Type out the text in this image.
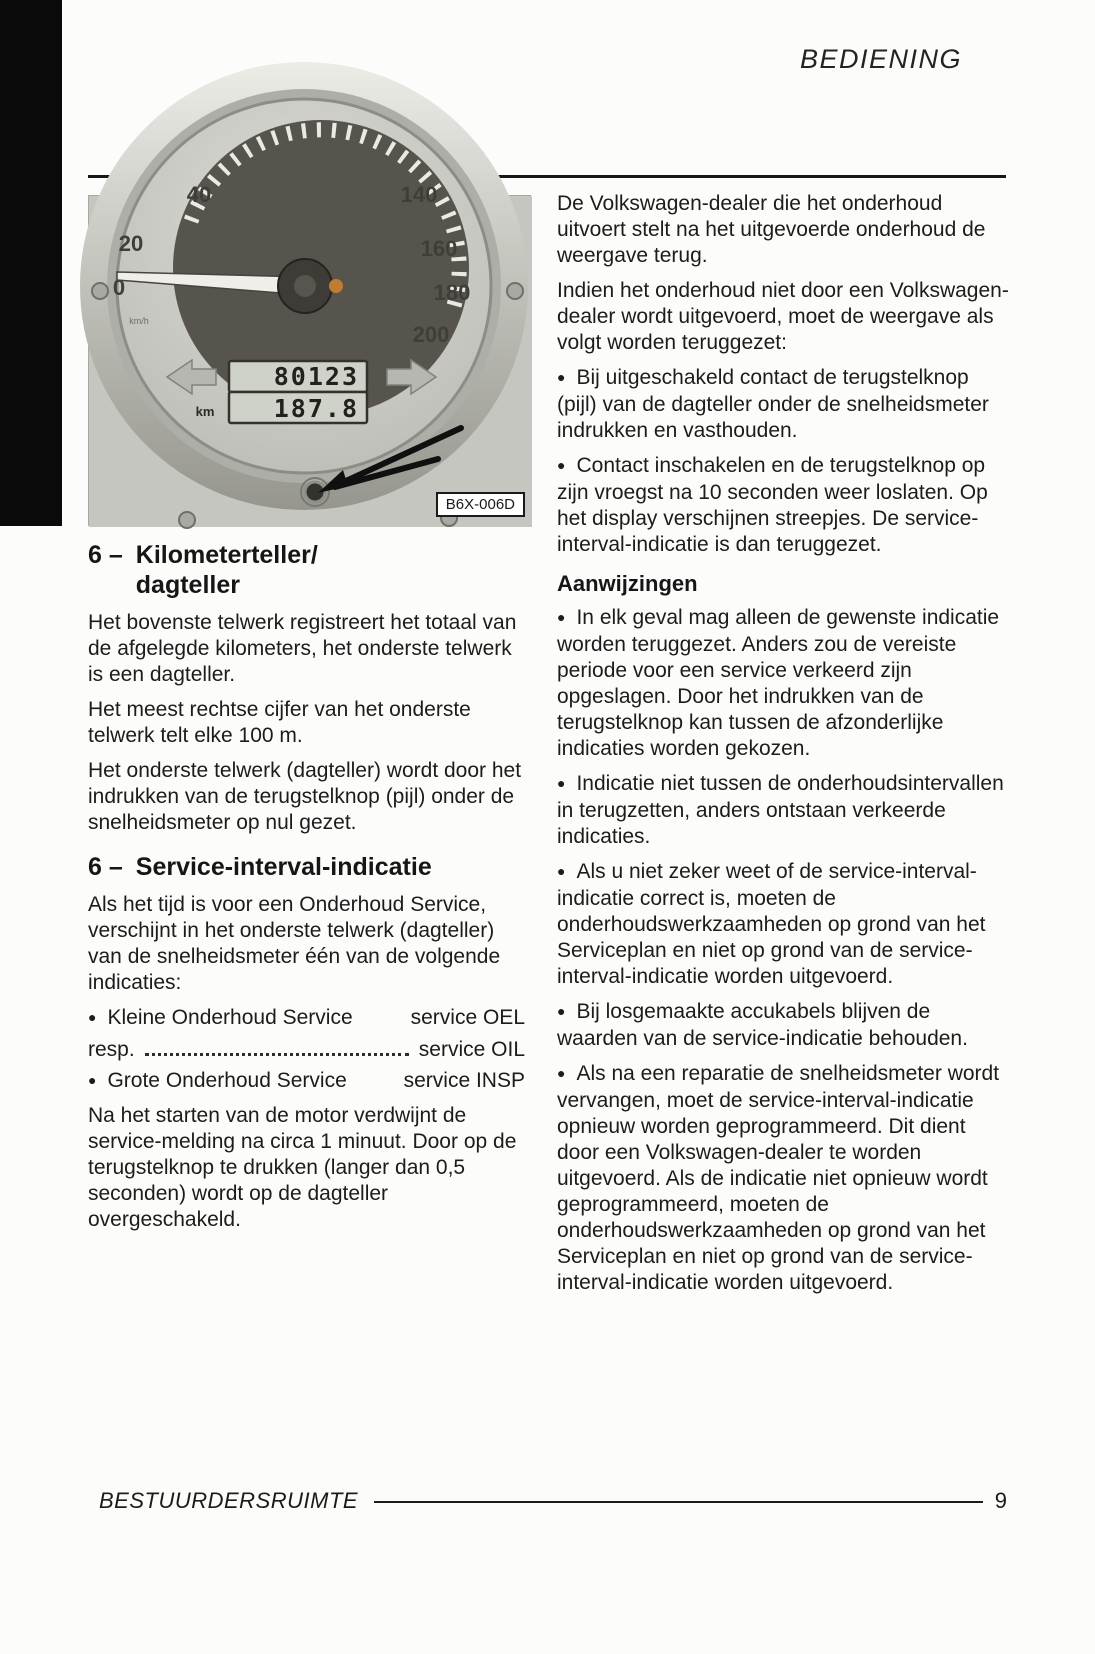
BEDIENING
40
20
0
140
160
180
200
km/h
80123
187.8
km
B6X-006D
6 – Kilometerteller/
dagteller

Het bovenste telwerk registreert het totaal van de afgelegde kilometers, het onderste telwerk is een dagteller.

Het meest rechtse cijfer van het onderste telwerk telt elke 100 m.

Het onderste telwerk (dagteller) wordt door het indrukken van de terugstelknop (pijl) onder de snelheidsmeter op nul gezet.

6 – Service-interval-indicatie

Als het tijd is voor een Onderhoud Service, verschijnt in het onderste telwerk (dagteller) van de snelheidsmeter één van de volgende indicaties:

● Kleine Onderhoud Service	service OEL
resp.	service OIL
● Grote Onderhoud Service	service INSP

Na het starten van de motor verdwijnt de service-melding na circa 1 minuut. Door op de terugstelknop te drukken (langer dan 0,5 seconden) wordt op de dagteller overgeschakeld.

De Volkswagen-dealer die het onderhoud uitvoert stelt na het uitgevoerde onderhoud de weergave terug.

Indien het onderhoud niet door een Volkswagen-dealer wordt uitgevoerd, moet de weergave als volgt worden teruggezet:

● Bij uitgeschakeld contact de terugstelknop (pijl) van de dagteller onder de snelheidsmeter indrukken en vasthouden.

● Contact inschakelen en de terugstelknop op zijn vroegst na 10 seconden weer loslaten. Op het display verschijnen streepjes. De service-interval-indicatie is dan teruggezet.

Aanwijzingen

● In elk geval mag alleen de gewenste indicatie worden teruggezet. Anders zou de vereiste periode voor een service verkeerd zijn opgeslagen. Door het indrukken van de terugstelknop kan tussen de afzonderlijke indicaties worden gekozen.

● Indicatie niet tussen de onderhoudsintervallen in terugzetten, anders ontstaan verkeerde indicaties.

● Als u niet zeker weet of de service-interval-indicatie correct is, moeten de onderhoudswerkzaamheden op grond van het Serviceplan en niet op grond van de service-interval-indicatie worden uitgevoerd.

● Bij losgemaakte accukabels blijven de waarden van de service-indicatie behouden.

● Als na een reparatie de snelheidsmeter wordt vervangen, moet de service-interval-indicatie opnieuw worden geprogrammeerd. Dit dient door een Volkswagen-dealer te worden uitgevoerd. Als de indicatie niet opnieuw wordt geprogrammeerd, moeten de onderhoudswerkzaamheden op grond van het Serviceplan en niet op grond van de service-interval-indicatie worden uitgevoerd.

BESTUURDERSRUIMTE	9
